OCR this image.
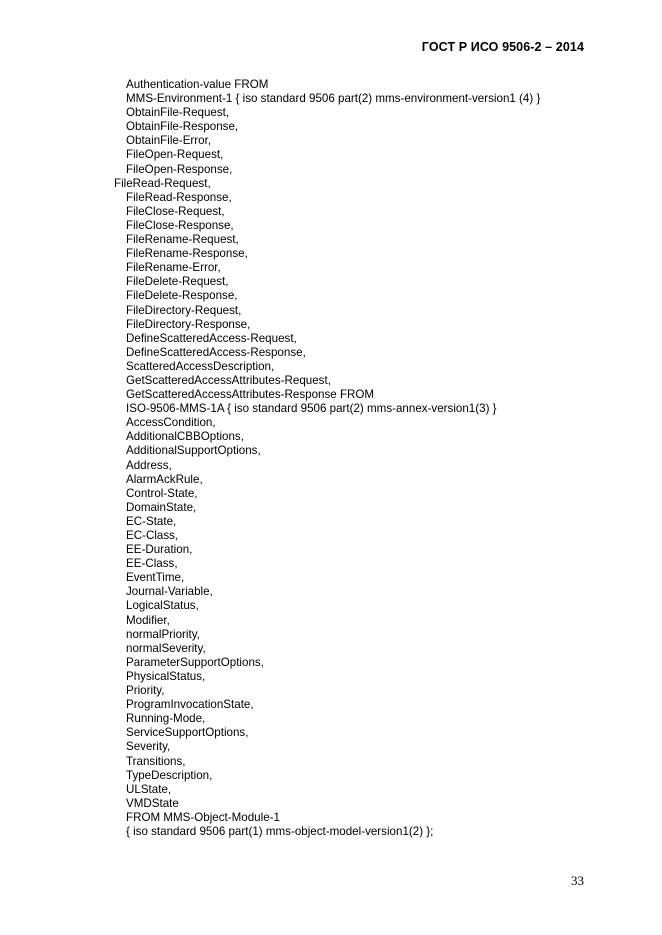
ГОСТ Р ИСО 9506-2 – 2014
Authentication-value FROM
MMS-Environment-1 { iso standard 9506 part(2) mms-environment-version1 (4) }
ObtainFile-Request,
ObtainFile-Response,
ObtainFile-Error,
FileOpen-Request,
FileOpen-Response,
FileRead-Request,
FileRead-Response,
FileClose-Request,
FileClose-Response,
FileRename-Request,
FileRename-Response,
FileRename-Error,
FileDelete-Request,
FileDelete-Response,
FileDirectory-Request,
FileDirectory-Response,
DefineScatteredAccess-Request,
DefineScatteredAccess-Response,
ScatteredAccessDescription,
GetScatteredAccessAttributes-Request,
GetScatteredAccessAttributes-Response FROM
ISO-9506-MMS-1A { iso standard 9506 part(2) mms-annex-version1(3) }
AccessCondition,
AdditionalCBBOptions,
AdditionalSupportOptions,
Address,
AlarmAckRule,
Control-State,
DomainState,
EC-State,
EC-Class,
EE-Duration,
EE-Class,
EventTime,
Journal-Variable,
LogicalStatus,
Modifier,
normalPriority,
normalSeverity,
ParameterSupportOptions,
PhysicalStatus,
Priority,
ProgramInvocationState,
Running-Mode,
ServiceSupportOptions,
Severity,
Transitions,
TypeDescription,
ULState,
VMDState
FROM MMS-Object-Module-1
{ iso standard 9506 part(1) mms-object-model-version1(2) };
33
